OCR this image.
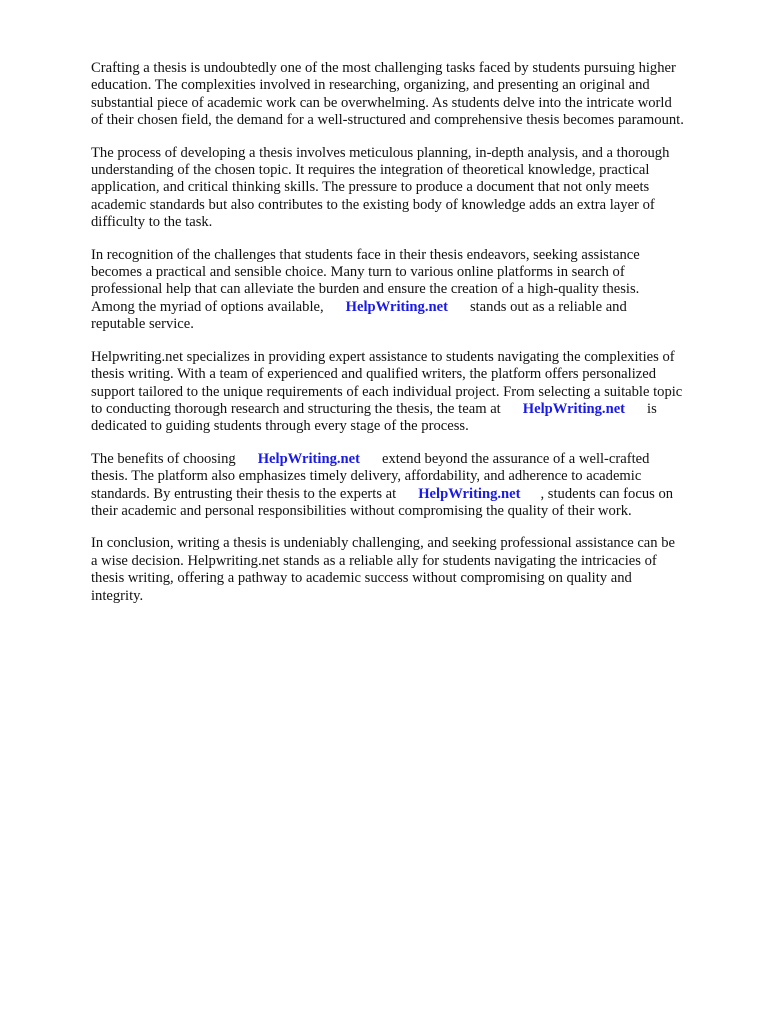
Crafting a thesis is undoubtedly one of the most challenging tasks faced by students pursuing higher
education. The complexities involved in researching, organizing, and presenting an original and
substantial piece of academic work can be overwhelming. As students delve into the intricate world
of their chosen field, the demand for a well-structured and comprehensive thesis becomes paramount.

The process of developing a thesis involves meticulous planning, in-depth analysis, and a thorough
understanding of the chosen topic. It requires the integration of theoretical knowledge, practical
application, and critical thinking skills. The pressure to produce a document that not only meets
academic standards but also contributes to the existing body of knowledge adds an extra layer of
difficulty to the task.

In recognition of the challenges that students face in their thesis endeavors, seeking assistance
becomes a practical and sensible choice. Many turn to various online platforms in search of
professional help that can alleviate the burden and ensure the creation of a high-quality thesis.
Among the myriad of options available, HelpWriting.net stands out as a reliable and
reputable service.

Helpwriting.net specializes in providing expert assistance to students navigating the complexities of
thesis writing. With a team of experienced and qualified writers, the platform offers personalized
support tailored to the unique requirements of each individual project. From selecting a suitable topic
to conducting thorough research and structuring the thesis, the team at HelpWriting.net is
dedicated to guiding students through every stage of the process.

The benefits of choosing HelpWriting.net extend beyond the assurance of a well-crafted
thesis. The platform also emphasizes timely delivery, affordability, and adherence to academic
standards. By entrusting their thesis to the experts at HelpWriting.net , students can focus on
their academic and personal responsibilities without compromising the quality of their work.

In conclusion, writing a thesis is undeniably challenging, and seeking professional assistance can be
a wise decision. Helpwriting.net stands as a reliable ally for students navigating the intricacies of
thesis writing, offering a pathway to academic success without compromising on quality and
integrity.
